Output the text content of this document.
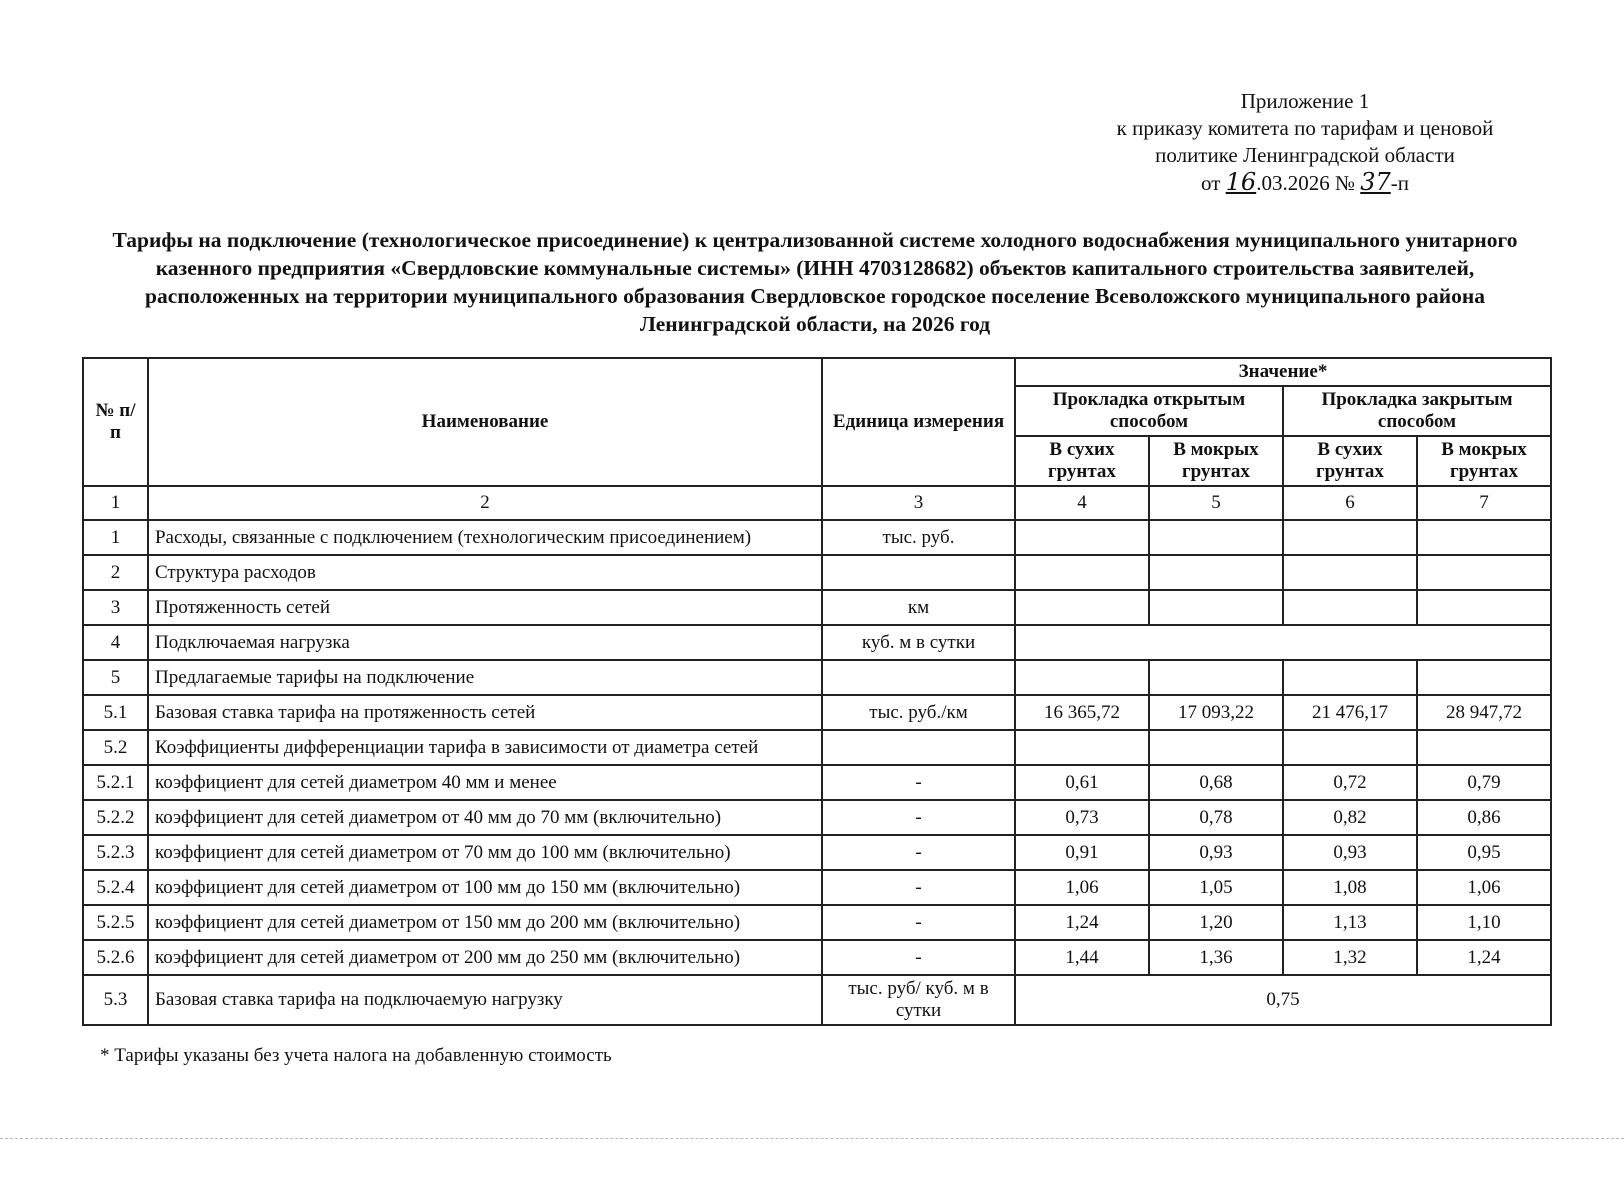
Приложение 1
к приказу комитета по тарифам и ценовой
политике Ленинградской области
от 16.03.2026 № 37-п
Тарифы на подключение (технологическое присоединение) к централизованной системе холодного водоснабжения муниципального унитарного казенного предприятия «Свердловские коммунальные системы» (ИНН 4703128682) объектов капитального строительства заявителей, расположенных на территории муниципального образования Свердловское городское поселение Всеволожского муниципального района Ленинградской области, на 2026 год
№ п/п	Наименование	Единица измерения	Значение*			
			Прокладка открытым способом		Прокладка закрытым способом	
			В сухих грунтах	В мокрых грунтах	В сухих грунтах	В мокрых грунтах
1	2	3	4	5	6	7
1	Расходы, связанные с подключением (технологическим присоединением)	тыс. руб.				
2	Структура расходов					
3	Протяженность сетей	км				
4	Подключаемая нагрузка	куб. м в сутки				
5	Предлагаемые тарифы на подключение					
5.1	Базовая ставка тарифа на протяженность сетей	тыс. руб./км	16 365,72	17 093,22	21 476,17	28 947,72
5.2	Коэффициенты дифференциации тарифа в зависимости от диаметра сетей					
5.2.1	коэффициент для сетей диаметром 40 мм и менее	-	0,61	0,68	0,72	0,79
5.2.2	коэффициент для сетей диаметром от 40 мм до 70 мм (включительно)	-	0,73	0,78	0,82	0,86
5.2.3	коэффициент для сетей диаметром от 70 мм до 100 мм (включительно)	-	0,91	0,93	0,93	0,95
5.2.4	коэффициент для сетей диаметром от 100 мм до 150 мм (включительно)	-	1,06	1,05	1,08	1,06
5.2.5	коэффициент для сетей диаметром от 150 мм до 200 мм (включительно)	-	1,24	1,20	1,13	1,10
5.2.6	коэффициент для сетей диаметром от 200 мм до 250 мм (включительно)	-	1,44	1,36	1,32	1,24
5.3	Базовая ставка тарифа на подключаемую нагрузку	тыс. руб/ куб. м в сутки	0,75			
* Тарифы указаны без учета налога на добавленную стоимость
